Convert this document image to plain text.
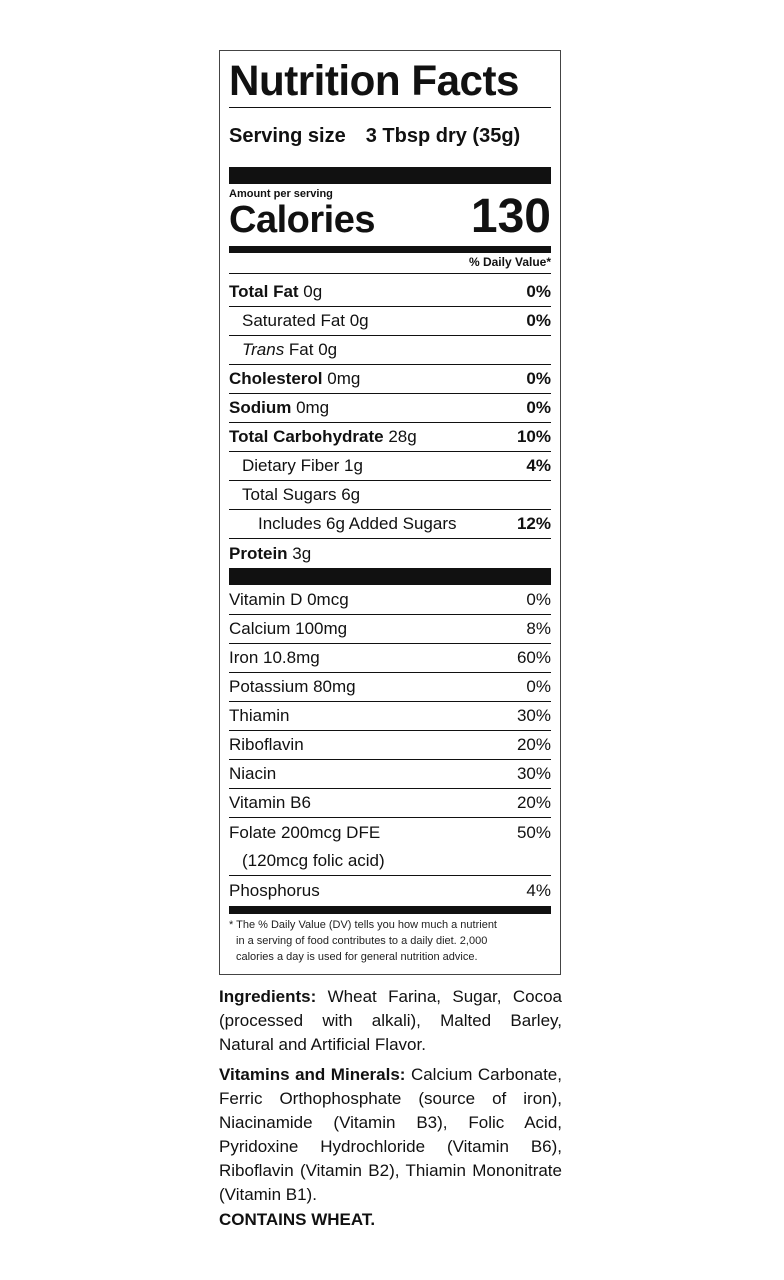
Nutrition Facts
Serving size 3 Tbsp dry (35g)
Amount per serving
Calories 130
% Daily Value*
Total Fat 0g	0%
Saturated Fat 0g	0%
Trans Fat 0g
Cholesterol 0mg	0%
Sodium 0mg	0%
Total Carbohydrate 28g	10%
Dietary Fiber 1g	4%
Total Sugars 6g
Includes 6g Added Sugars	12%
Protein 3g
Vitamin D 0mcg	0%
Calcium 100mg	8%
Iron 10.8mg	60%
Potassium 80mg	0%
Thiamin	30%
Riboflavin	20%
Niacin	30%
Vitamin B6	20%
Folate 200mcg DFE	50%
(120mcg folic acid)
Phosphorus	4%
* The % Daily Value (DV) tells you how much a nutrient
in a serving of food contributes to a daily diet. 2,000
calories a day is used for general nutrition advice.

Ingredients: Wheat Farina, Sugar, Cocoa (processed with alkali), Malted Barley, Natural and Artificial Flavor.

Vitamins and Minerals: Calcium Carbonate, Ferric Orthophosphate (source of iron), Niacinamide (Vitamin B3), Folic Acid, Pyridoxine Hydrochloride (Vitamin B6), Riboflavin (Vitamin B2), Thiamin Mononitrate (Vitamin B1).

CONTAINS WHEAT.
